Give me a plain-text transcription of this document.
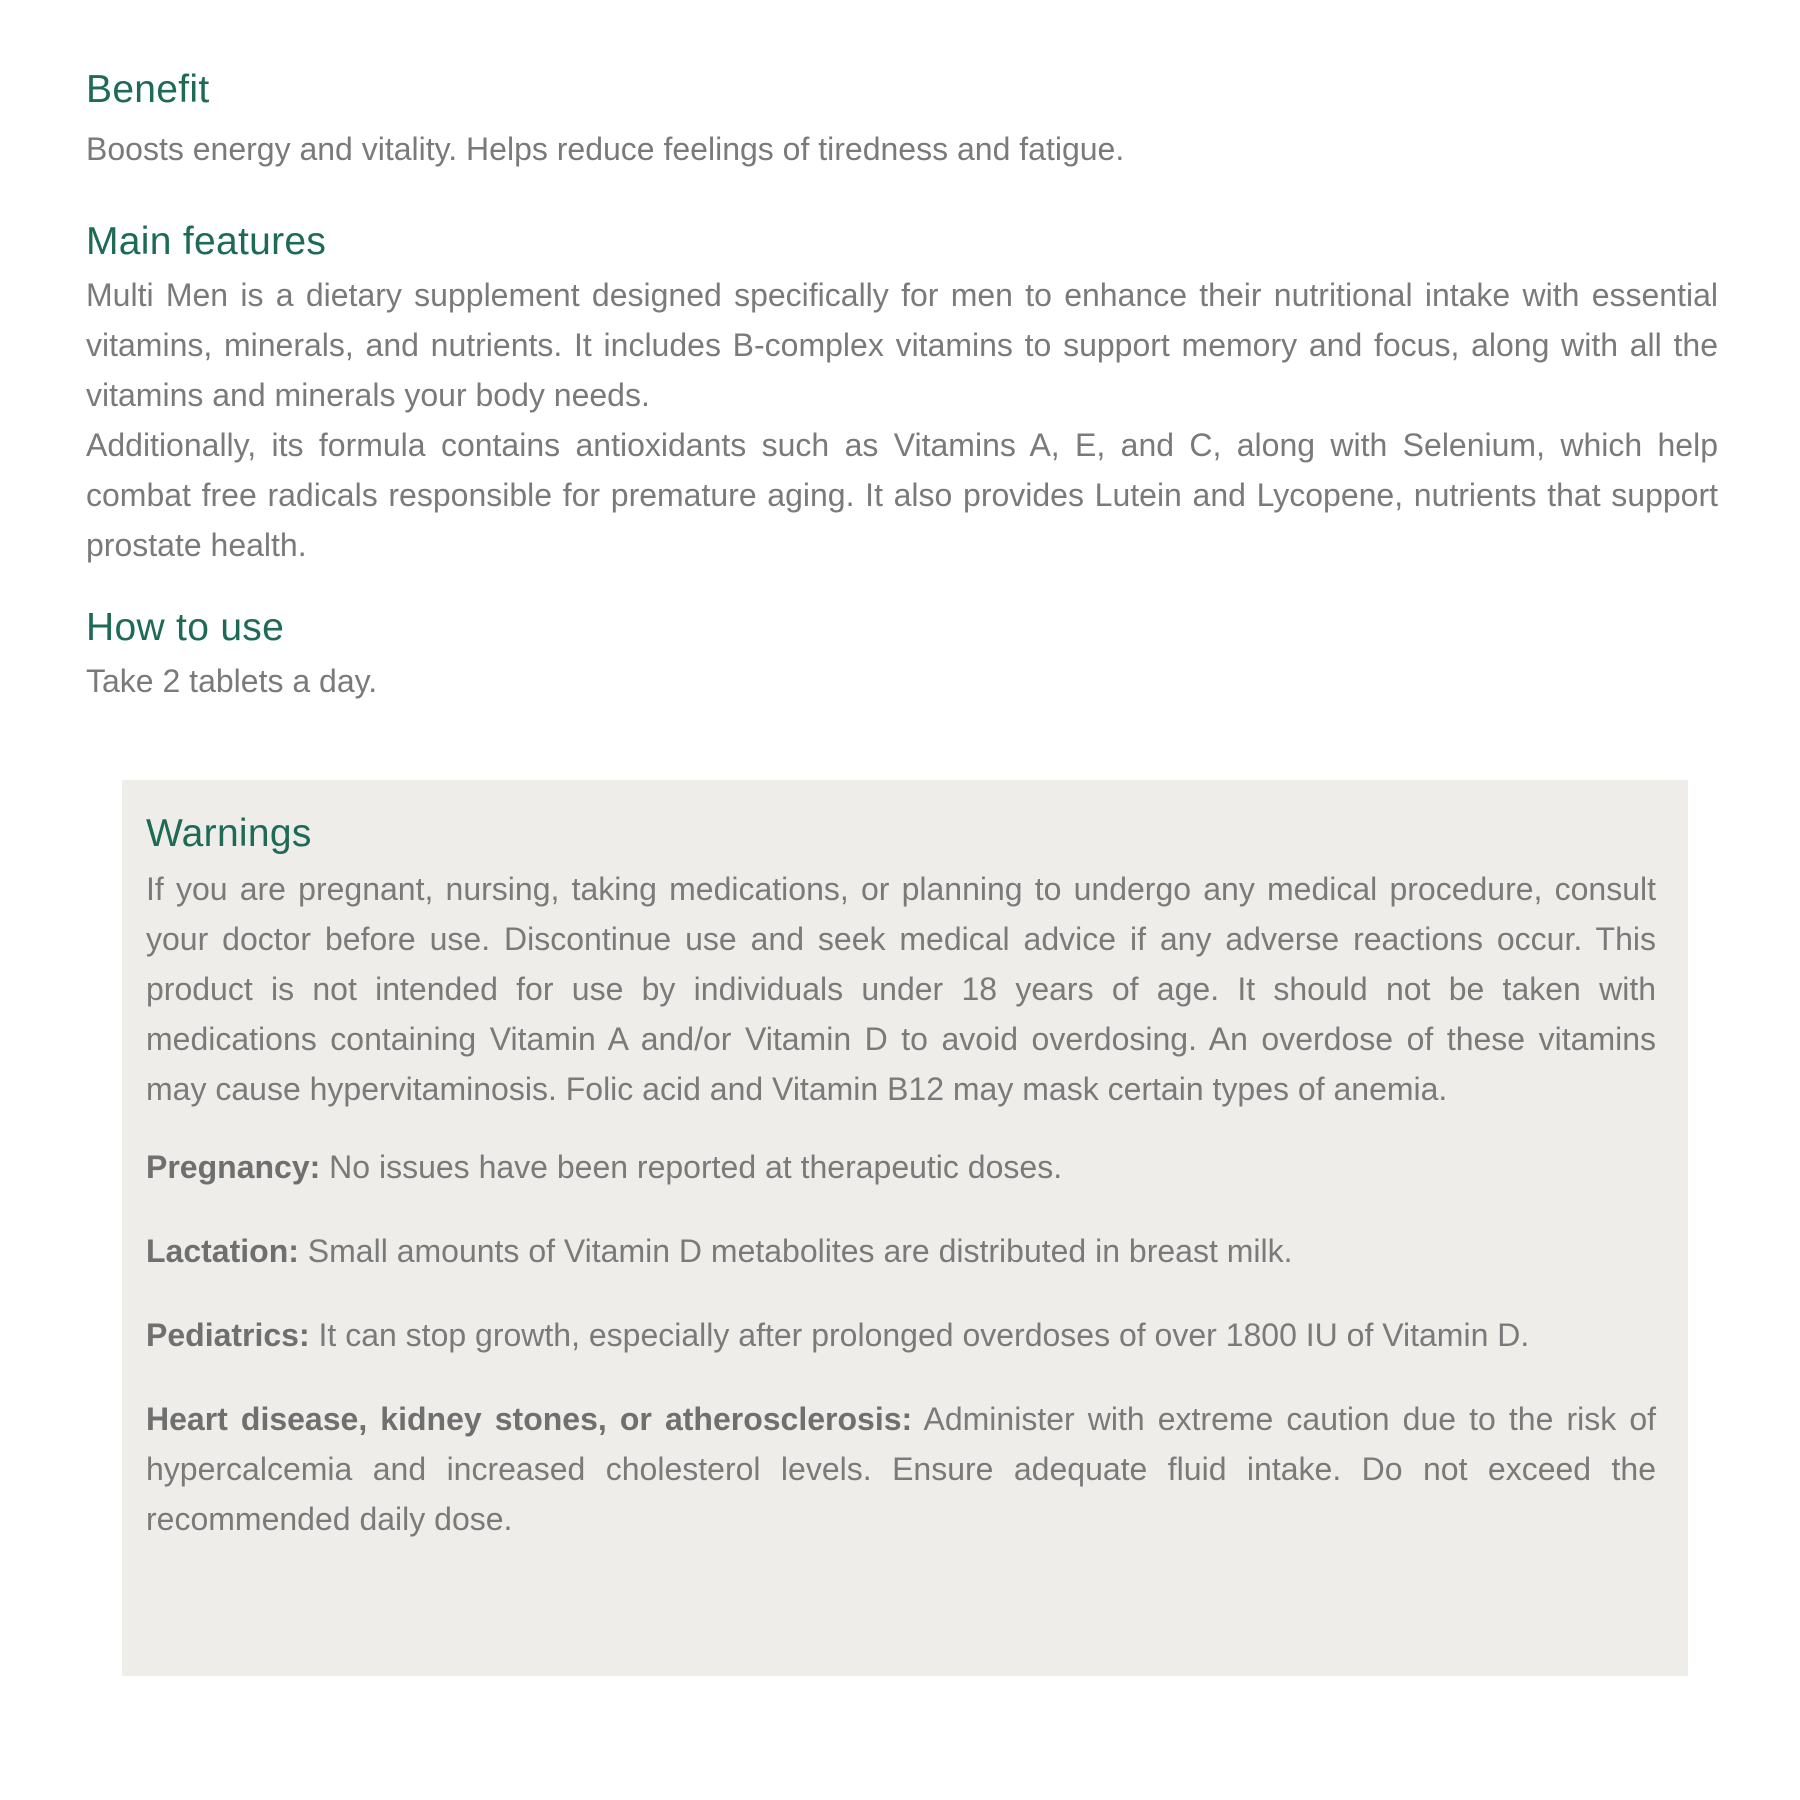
Benefit

Boosts energy and vitality. Helps reduce feelings of tiredness and fatigue.

Main features

Multi Men is a dietary supplement designed specifically for men to enhance their nutritional intake with essential vitamins, minerals, and nutrients. It includes B-complex vitamins to support memory and focus, along with all the vitamins and minerals your body needs.

Additionally, its formula contains antioxidants such as Vitamins A, E, and C, along with Selenium, which help combat free radicals responsible for premature aging. It also provides Lutein and Lycopene, nutrients that support prostate health.

How to use

Take 2 tablets a day.

Warnings

If you are pregnant, nursing, taking medications, or planning to undergo any medical procedure, consult your doctor before use. Discontinue use and seek medical advice if any adverse reactions occur. This product is not intended for use by individuals under 18 years of age. It should not be taken with medications containing Vitamin A and/or Vitamin D to avoid overdosing. An overdose of these vitamins may cause hypervitaminosis. Folic acid and Vitamin B12 may mask certain types of anemia.

Pregnancy: No issues have been reported at therapeutic doses.

Lactation: Small amounts of Vitamin D metabolites are distributed in breast milk.

Pediatrics: It can stop growth, especially after prolonged overdoses of over 1800 IU of Vitamin D.

Heart disease, kidney stones, or atherosclerosis: Administer with extreme caution due to the risk of hypercalcemia and increased cholesterol levels. Ensure adequate fluid intake. Do not exceed the recommended daily dose.
